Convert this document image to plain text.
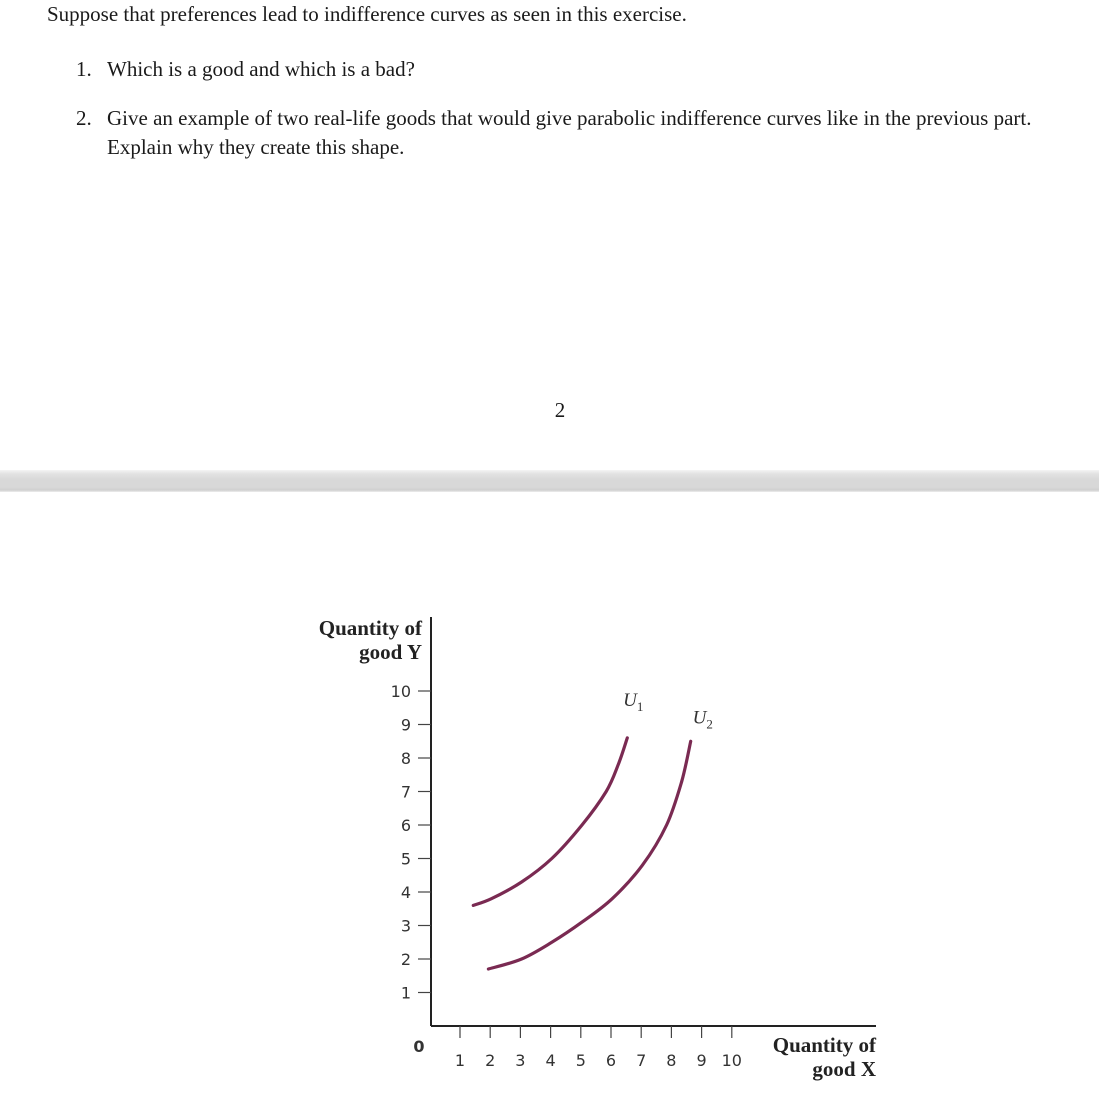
Suppose that preferences lead to indifference curves as seen in this exercise.

1. Which is a good and which is a bad?
2. Give an example of two real-life goods that would give parabolic indifference curves like in the previous part. Explain why they create this shape.
2
1
2
3
4
5
6
7
8
9
10
1 2 3 4 5 6 7 8 9 10
0
Quantity of
good Y
Quantity of
good X
$U_1$
$U_2$
